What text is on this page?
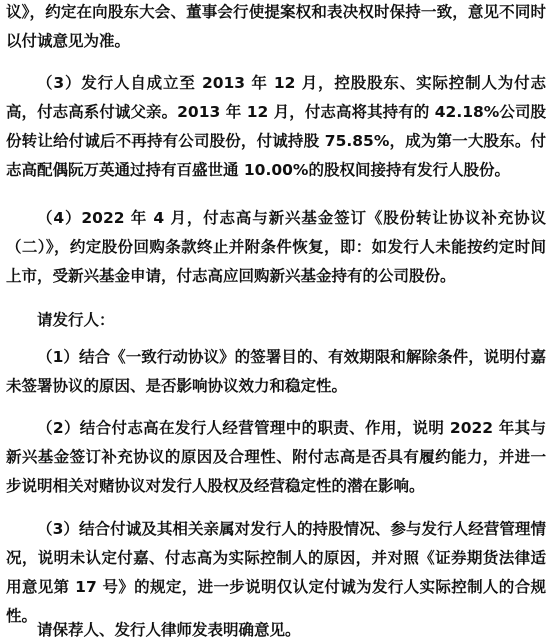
议》，约定在向股东大会、董事会行使提案权和表决权时保持一致，意见不同时以付诚意见为准。

（3）发行人自成立至 2013 年 12 月，控股股东、实际控制人为付志高，付志高系付诚父亲。2013 年 12 月，付志高将其持有的 42.18%公司股份转让给付诚后不再持有公司股份，付诚持股 75.85%，成为第一大股东。付志高配偶阮万英通过持有百盛世通 10.00%的股权间接持有发行人股份。

（4）2022 年 4 月，付志高与新兴基金签订《股份转让协议补充协议（二）》，约定股份回购条款终止并附条件恢复，即：如发行人未能按约定时间上市，受新兴基金申请，付志高应回购新兴基金持有的公司股份。

请发行人：

（1）结合《一致行动协议》的签署目的、有效期限和解除条件，说明付嘉未签署协议的原因、是否影响协议效力和稳定性。

（2）结合付志高在发行人经营管理中的职责、作用，说明 2022 年其与新兴基金签订补充协议的原因及合理性、附付志高是否具有履约能力，并进一步说明相关对赌协议对发行人股权及经营稳定性的潜在影响。

（3）结合付诚及其相关亲属对发行人的持股情况、参与发行人经营管理情况，说明未认定付嘉、付志高为实际控制人的原因，并对照《证券期货法律适用意见第 17 号》的规定，进一步说明仅认定付诚为发行人实际控制人的合规性。

请保荐人、发行人律师发表明确意见。
